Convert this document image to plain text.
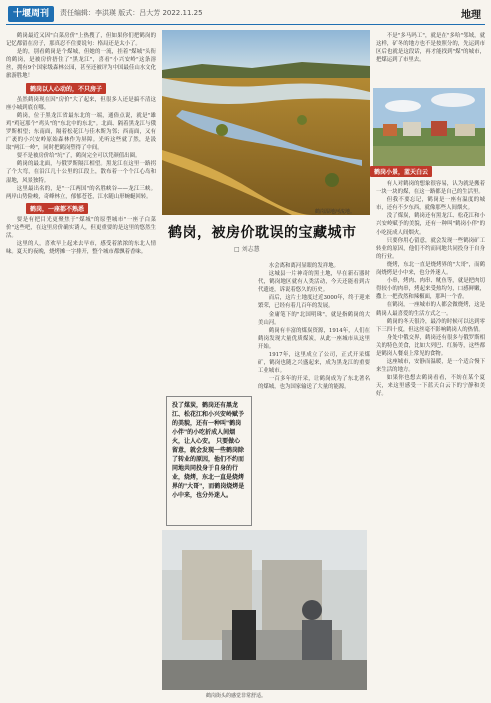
十堰周刊	责任编辑：李洪瑛 版式：吕大芳 2022.11.25	地理
鹤岗湿地河流地。
鹤岗，被房价耽误的宝藏城市
□ 刘志慧
鹤岗小景，蓝天白云

鹤岗最近又因"白菜房价"上热搜了，但如果你们把鹤岗的记忆都留在房子，那真忍不住要说句：格局还是太小了。

是的，别看鹤岗是个煤城，但她的一流，挂着"煤城"头衔的鹤岗，是被房价捂住了"黑龙江"，喜看"小兴安岭"这条溶丝，拥有9个国家级森林公园，甚至还被评为中国最佳山水文化旅游胜地！

鹤岗以人心动的，不只房子

虽然鹤岗现在因"房价"大了起来，但很多人还是搞不清这座小城到底在哪。

鹤岗，位于黑龙江省最东北的一端，通俗点说，就是"雄鸡"鸡冠那个"鸡头"的"东北中的东北"。北面、隔着黑龙江与俄罗斯相望；东南面，隔着松花江与佳木斯为邻；西南面，又有广袤的小兴安岭原始森林作为屏障。光听这些就了然，是汲取"两江一岭"，同时把鹤岗塑得了中间。

要不是被房价给"坑"了，鹤岗完全可以凭颜值出圈。

鹤岗的最北面，与俄罗斯隔江相望。黑龙江在这里一路拐了个大弯，在沿江几十公里的江段上，散布着一个个江心岛和湿地，风景独特。

这里最出名的，是"一江两国"的名胜峡谷——龙江三峡。两岸山势险峻，奇峰林立，郁郁苍苍，江水随山形蜿蜒回转。

鹤岗，一座都不熟悉

要是有把目光更聚焦于"煤城"的原型城市"一座子白菜价"这些吧，在这里房价确实诱人，但更重要的是这里的悠然生活。

这里的人，喜欢早上起来去早市，感受着浓浓的东北人情味。夏天的夜晚，烧烤摊一字排开，整个城市都飘着香味。

水会离和离河显眼的发祥地。

这城县一片神奇的黑土地，早在新石器时代，鹤岗地区就有人类活动，今天还能看到古代遗迹，诉说着悠久的历史。

而后，这片土地度过近3000年，终于迎来繁荣，已经有着几百年的发展。

金庸笔下的"北国明珠"，就是指鹤岗的大美山河。

鹤岗有丰富的煤炭资源，1914年，人们在鹤岗发现大量优质煤炭，从此一座城市从这里开始。

1917年，这里成立了公司，正式开采煤矿，鹤岗也随之兴盛起来，成为黑龙江的重要工业城市。

一百多年的开采，让鹤岗成为了东北著名的煤城，也为国家输送了大量的能源。

没了煤炭，鹤岗还有黑龙江、松花江和小兴安岭赋予的美貌，还有一种叫"鹤岗小伴"的小吃折成人间烟火，让人心安。 只要做心留意，就会发现一些鹤岗除了转业的原因，他们不约而同地共同投身于自身的行业，烧烤，东北一直是烧烤界的"大哥"，而鹤岗烧烤是小中来，也分外迷人。

不是"多马吗工"，就是在"多哈"邻域，就这样，矿冬的地方也不是按照分的，先运到市区后也就是这段话，再才能找到"煤"的城市，把煤运到了市里去。

有人对鹤岗的想象很容易，认为就是搬着一块一块的煤，在这一路都是自己的生活里。

但我不要忘记，鹤岗是一座有温度的城市，还有不少东西，就像那些人间烟火。

没了煤炭，鹤岗还有黑龙江、松花江和小兴安岭赋予的美貌，还有一种叫"鹤岗小伴"的小吃抚成人间烟火。

只要你用心留意，就会发现一些鹤岗矿工转业的原因，他们不约而同地共同投身于自身的行业。

烧烤，东北一直是烧烤界的"大哥"，而鹤岗烧烤是小中来，也分外迷人。

小串，烤肉、肉串、鱿鱼等，就是把肉切得较小的肉串，烤起来受热均匀，口感鲜嫩，撒上一把孜然和辣椒面，那叫一个香。

在鹤岗，一座城市的人都会做烧烤，这是鹤岗人最喜爱的生活方式之一。

鹤岗的冬天很冷，最冷的时候可以达到零下三四十度，但这丝毫不影响鹤岗人的热情。

身处中俄交界，鹤岗还有很多与俄罗斯相关的特色美食，比如大列巴、红肠等，这些都是鹤岗人餐桌上常见的食物。

这座城市，安静而温暖，是一个适合慢下来生活的地方。

如果你也想去鹤岗看看，不妨在某个夏天，来这里感受一下蓝天白云下的宁静和美好。

鹤岗街头的感觉非常舒适。
